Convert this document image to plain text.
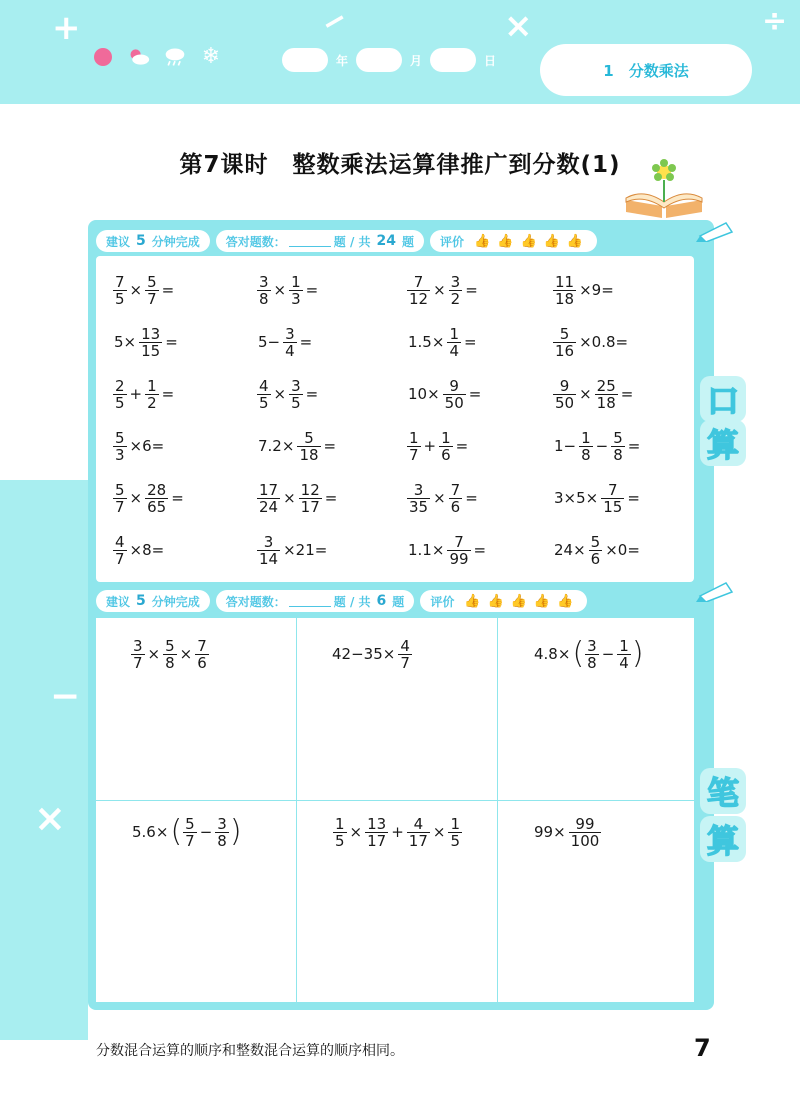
+	−	×	÷
❄	年	月	日
1　分数乘法
−
×
第7课时　整数乘法运算律推广到分数(1)
建议 5 分钟完成 答对题数：	题 / 共 24 题 评价 👍 👍 👍 👍 👍
建议 5 分钟完成 答对题数：	题 / 共 6 题 评价 👍 👍 👍 👍 👍
$\frac{7}{5} \times \frac{5}{7}$ =	$\frac{3}{8} \times \frac{1}{3}$ =	$\frac{7}{12} \times \frac{3}{2}$ =	$\frac{11}{18} \times 9=$
$5\times \frac{13}{15}$ =	$5- \frac{3}{4}$ =	$1.5\times \frac{1}{4}$ =	$\frac{5}{16} \times 0.8=$
$\frac{2}{5} + \frac{1}{2}$ =	$\frac{4}{5} \times \frac{3}{5}$ =	$10\times \frac{9}{50}$ =	$\frac{9}{50} \times \frac{25}{18}$ =
$\frac{5}{3} \times 6=$	$7.2\times \frac{5}{18}$ =	$\frac{1}{7} + \frac{1}{6}$ =	$1- \frac{1}{8} - \frac{5}{8}$ =
$\frac{5}{7} \times \frac{28}{65}$ =	$\frac{17}{24} \times \frac{12}{17}$ =	$\frac{3}{35} \times \frac{7}{6}$ =	$3\times 5\times \frac{7}{15}$ =
$\frac{4}{7} \times 8=$	$\frac{3}{14} \times 21=$	$1.1\times \frac{7}{99}$ =	$24\times \frac{5}{6} \times 0=$
$\frac{3}{7} \times \frac{5}{8} \times \frac{7}{6}$	$42-35\times \frac{4}{7}$	4.8× ( $\frac{3}{8} - \frac{1}{4}$ )
5.6× ( $\frac{5}{7} - \frac{3}{8}$ )	$\frac{1}{5} \times \frac{13}{17} + \frac{4}{17} \times \frac{1}{5}$	$99\times \frac{99}{100}$
口
算
笔
算
分数混合运算的顺序和整数混合运算的顺序相同。	7
